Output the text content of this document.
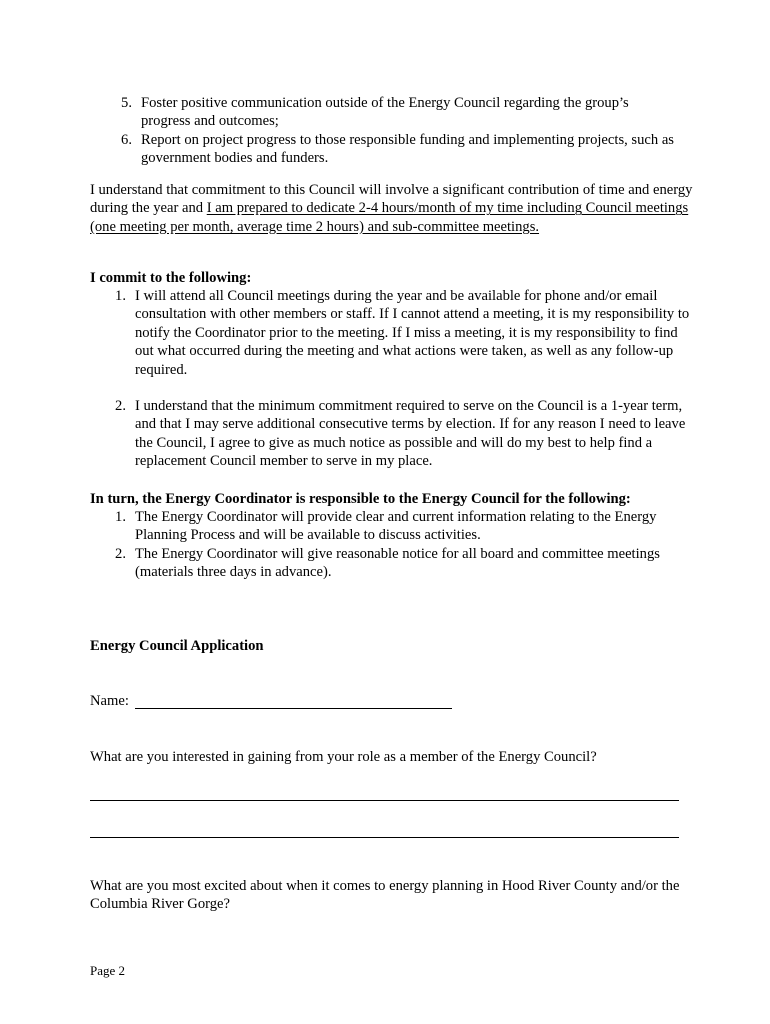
5. Foster positive communication outside of the Energy Council regarding the group’s progress and outcomes;
6. Report on project progress to those responsible funding and implementing projects, such as government bodies and funders.

I understand that commitment to this Council will involve a significant contribution of time and energy during the year and I am prepared to dedicate 2-4 hours/month of my time including Council meetings (one meeting per month, average time 2 hours) and sub-committee meetings.

I commit to the following:
1. I will attend all Council meetings during the year and be available for phone and/or email consultation with other members or staff. If I cannot attend a meeting, it is my responsibility to notify the Coordinator prior to the meeting. If I miss a meeting, it is my responsibility to find out what occurred during the meeting and what actions were taken, as well as any follow-up required.
2. I understand that the minimum commitment required to serve on the Council is a 1-year term, and that I may serve additional consecutive terms by election. If for any reason I need to leave the Council, I agree to give as much notice as possible and will do my best to help find a replacement Council member to serve in my place.
In turn, the Energy Coordinator is responsible to the Energy Council for the following:
1. The Energy Coordinator will provide clear and current information relating to the Energy Planning Process and will be available to discuss activities.
2. The Energy Coordinator will give reasonable notice for all board and committee meetings (materials three days in advance).
Energy Council Application
Name:
What are you interested in gaining from your role as a member of the Energy Council?
What are you most excited about when it comes to energy planning in Hood River County and/or the Columbia River Gorge?
Page 2
